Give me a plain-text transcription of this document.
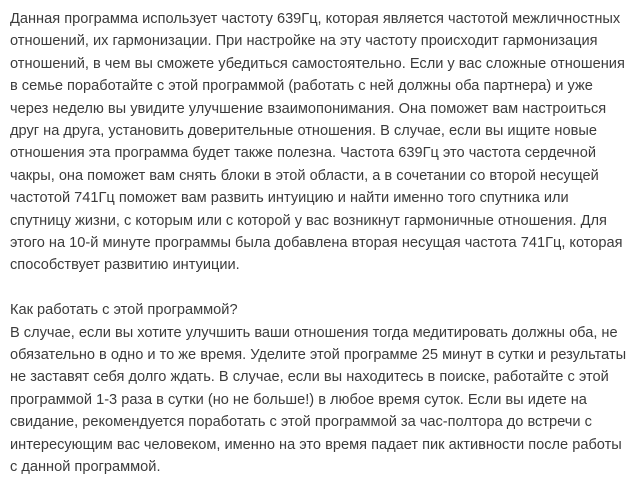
Данная программа использует частоту 639Гц, которая является частотой межличностных отношений, их гармонизации. При настройке на эту частоту происходит гармонизация отношений, в чем вы сможете убедиться самостоятельно. Если у вас сложные отношения в семье поработайте с этой программой (работать с ней должны оба партнера) и уже через неделю вы увидите улучшение взаимопонимания. Она поможет вам настроиться друг на друга, установить доверительные отношения. В случае, если вы ищите новые отношения эта программа будет также полезна. Частота 639Гц это частота сердечной чакры, она поможет вам снять блоки в этой области, а в сочетании со второй несущей частотой 741Гц поможет вам развить интуицию и найти именно того спутника или спутницу жизни, с которым или с которой у вас возникнут гармоничные отношения. Для этого на 10-й минуте программы была добавлена вторая несущая частота 741Гц, которая способствует развитию интуиции.

Как работать с этой программой?

В случае, если вы хотите улучшить ваши отношения тогда медитировать должны оба, не обязательно в одно и то же время. Уделите этой программе 25 минут в сутки и результаты не заставят себя долго ждать. В случае, если вы находитесь в поиске, работайте с этой программой 1-3 раза в сутки (но не больше!) в любое время суток. Если вы идете на свидание, рекомендуется поработать с этой программой за час-полтора до встречи с интересующим вас человеком, именно на это время падает пик активности после работы с данной программой.
